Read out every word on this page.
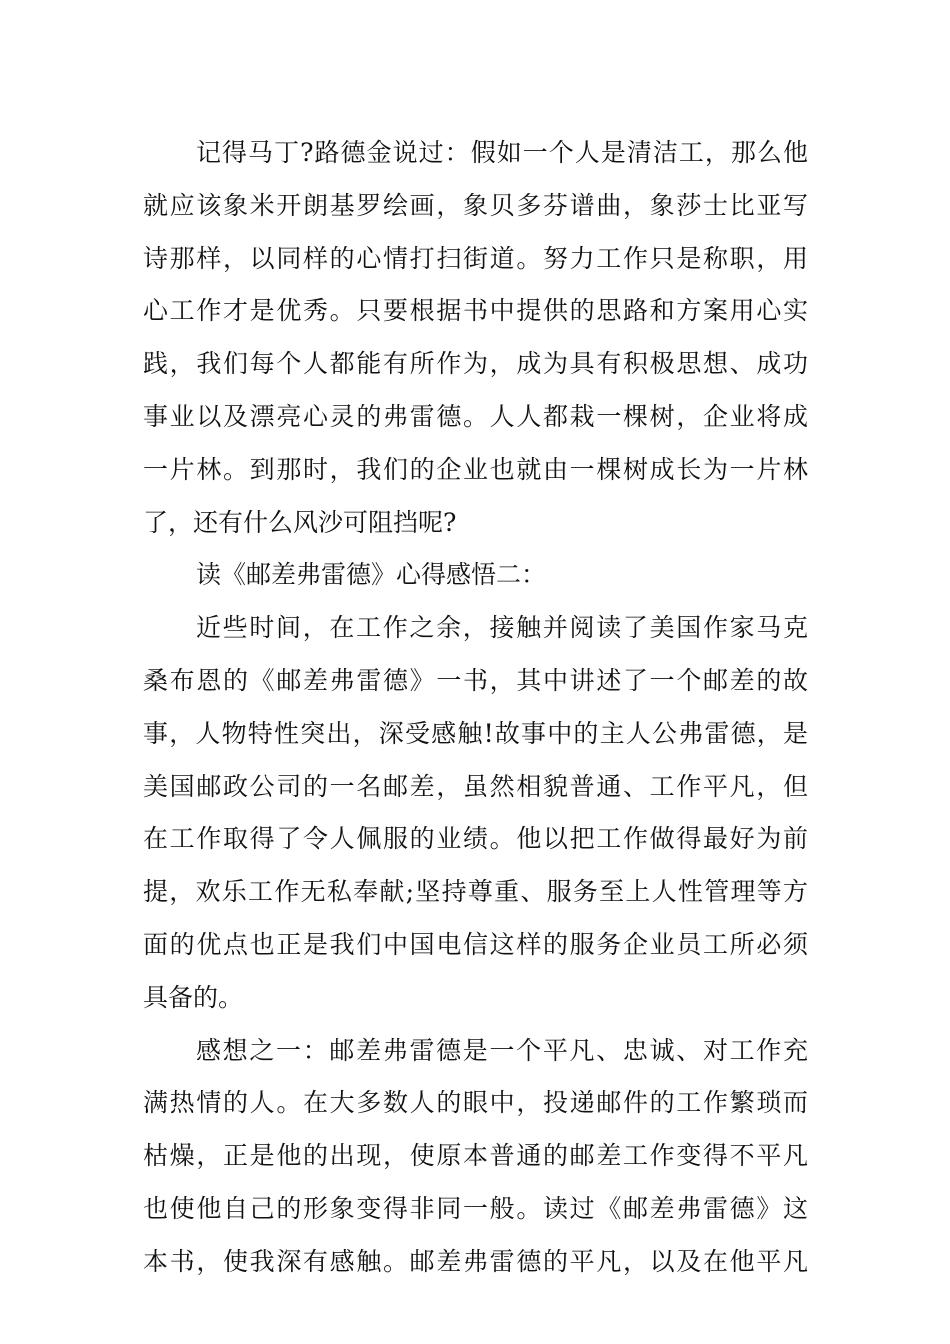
记得马丁?路德金说过：假如一个人是清洁工，那么他
就应该象米开朗基罗绘画，象贝多芬谱曲，象莎士比亚写
诗那样，以同样的心情打扫街道。努力工作只是称职，用
心工作才是优秀。只要根据书中提供的思路和方案用心实
践，我们每个人都能有所作为，成为具有积极思想、成功
事业以及漂亮心灵的弗雷德。人人都栽一棵树，企业将成
一片林。到那时，我们的企业也就由一棵树成长为一片林
了，还有什么风沙可阻挡呢?
读《邮差弗雷德》心得感悟二：
近些时间，在工作之余，接触并阅读了美国作家马克
桑布恩的《邮差弗雷德》一书，其中讲述了一个邮差的故
事，人物特性突出，深受感触!故事中的主人公弗雷德，是
美国邮政公司的一名邮差，虽然相貌普通、工作平凡，但
在工作取得了令人佩服的业绩。他以把工作做得最好为前
提，欢乐工作无私奉献;坚持尊重、服务至上人性管理等方
面的优点也正是我们中国电信这样的服务企业员工所必须
具备的。
感想之一：邮差弗雷德是一个平凡、忠诚、对工作充
满热情的人。在大多数人的眼中，投递邮件的工作繁琐而
枯燥，正是他的出现，使原本普通的邮差工作变得不平凡
也使他自己的形象变得非同一般。读过《邮差弗雷德》这
本书，使我深有感触。邮差弗雷德的平凡，以及在他平凡
